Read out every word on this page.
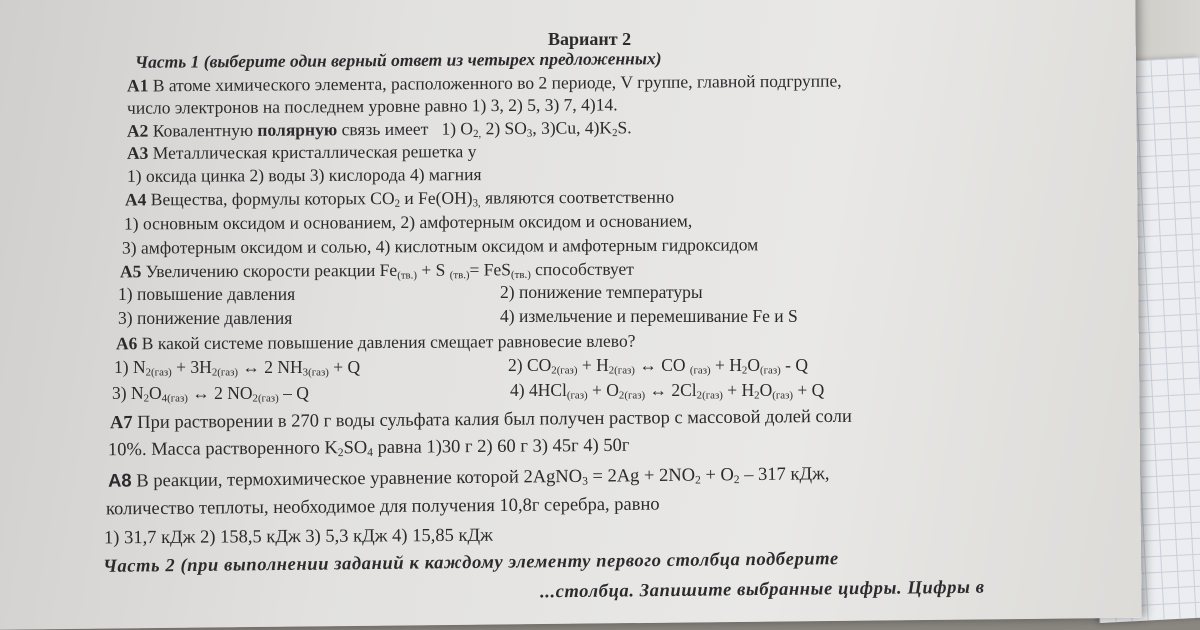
Вариант 2
Часть 1 (выберите один верный ответ из четырех предложенных)
А1 В атоме химического элемента, расположенного во 2 периоде, V группе, главной подгруппе,
число электронов на последнем уровне равно 1) 3, 2) 5, 3) 7, 4)14.
А2 Ковалентную полярную связь имеет 1) $O_{2,}$ 2) $SO_3$, 3)Cu, $4)K_2S$.
А3 Металлическая кристаллическая решетка у
1) оксида цинка 2) воды 3) кислорода 4) магния
А4 Вещества, формулы которых $CO_2$ и $Fe(OH)_{3,}$ являются соответственно
1) основным оксидом и основанием, 2) амфотерным оксидом и основанием,
3) амфотерным оксидом и солью, 4) кислотным оксидом и амфотерным гидроксидом
А5 Увеличению скорости реакции $Fe_{(тв.)} + S$ $_{(тв.)}$= FeS$_{(тв.)}$ способствует
1) повышение давления	2) понижение температуры
3) понижение давления	4) измельчение и перемешивание Fe и S
А6 В какой системе повышение давления смещает равновесие влево?
1) $N_{2(газ)} + 3H_{2(газ)}$ ↔ 2 $NH_{3(газ)} + Q$	2) $CO_{2(газ)} + H_{2(газ)}$ ↔ CO $_{(газ)} + H_2O_{(газ)} - Q$
3) $N_2O_{4(газ)}$ ↔ 2 $NO_{2(газ)}$ – Q	4) $4HCl_{(газ)} + O_{2(газ)}$ ↔ $2Cl_{2(газ)} + H_2O_{(газ)} + Q$
А7 При растворении в 270 г воды сульфата калия был получен раствор с массовой долей соли
10%. Масса растворенного $K_2SO_4$ равна 1)30 г 2) 60 г 3) 45г 4) 50г
А8 В реакции, термохимическое уравнение которой 2AgNO$_3$ = $2Ag + 2NO_2 + O_2 - 317$ кДж,
количество теплоты, необходимое для получения 10,8г серебра, равно
1) 31,7 кДж 2) 158,5 кДж 3) 5,3 кДж 4) 15,85 кДж
Часть 2 (при выполнении заданий к каждому элементу первого столбца подберите
...столбца. Запишите выбранные цифры. Цифры в
